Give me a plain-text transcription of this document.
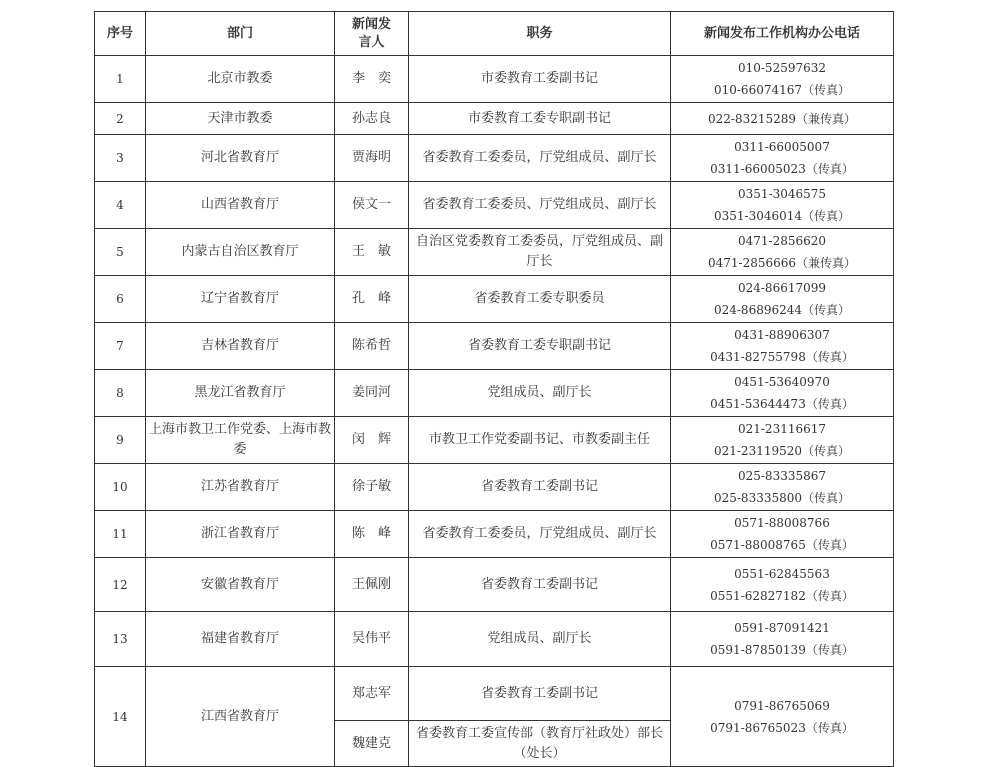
序号	部门	新闻发言人	职务	新闻发布工作机构办公电话
1	北京市教委	李　奕	市委教育工委副书记	010-52597632
010-66074167（传真）

2	天津市教委	孙志良	市委教育工委专职副书记	022-83215289（兼传真）

3	河北省教育厅	贾海明	省委教育工委委员，厅党组成员、副厅长	0311-66005007
0311-66005023（传真）

4	山西省教育厅	侯文一	省委教育工委委员、厅党组成员、副厅长	0351-3046575
0351-3046014（传真）

5	内蒙古自治区教育厅	王　敏	自治区党委教育工委委员，厅党组成员、副厅长	0471-2856620
0471-2856666（兼传真）

6	辽宁省教育厅	孔　峰	省委教育工委专职委员	024-86617099
024-86896244（传真）

7	吉林省教育厅	陈希哲	省委教育工委专职副书记	0431-88906307
0431-82755798（传真）

8	黑龙江省教育厅	姜同河	党组成员、副厅长	0451-53640970
0451-53644473（传真）

9	上海市教卫工作党委、上海市教委	闵　辉	市教卫工作党委副书记、市教委副主任	021-23116617
021-23119520（传真）

10	江苏省教育厅	徐子敏	省委教育工委副书记	025-83335867
025-83335800（传真）

11	浙江省教育厅	陈　峰	省委教育工委委员，厅党组成员、副厅长	0571-88008766
0571-88008765（传真）

12	安徽省教育厅	王佩刚	省委教育工委副书记	0551-62845563
0551-62827182（传真）

13	福建省教育厅	吴伟平	党组成员、副厅长	0591-87091421
0591-87850139（传真）

14	江西省教育厅	郑志军	省委教育工委副书记	0791-86765069
0791-86765023（传真）

		魏建克	省委教育工委宣传部（教育厅社政处）部长（处长）	
